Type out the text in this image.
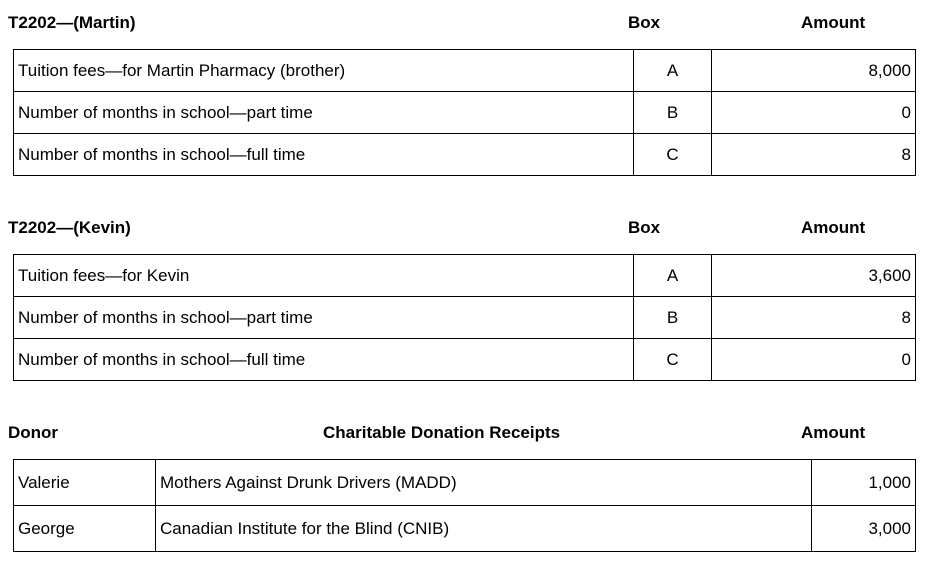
T2202—(Martin)	Box	Amount
Tuition fees—for Martin Pharmacy (brother)	A	8,000
Number of months in school—part time	B	0
Number of months in school—full time	C	8
T2202—(Kevin)	Box	Amount
Tuition fees—for Kevin	A	3,600
Number of months in school—part time	B	8
Number of months in school—full time	C	0
Donor	Charitable Donation Receipts	Amount
Valerie	Mothers Against Drunk Drivers (MADD)	1,000
George	Canadian Institute for the Blind (CNIB)	3,000
